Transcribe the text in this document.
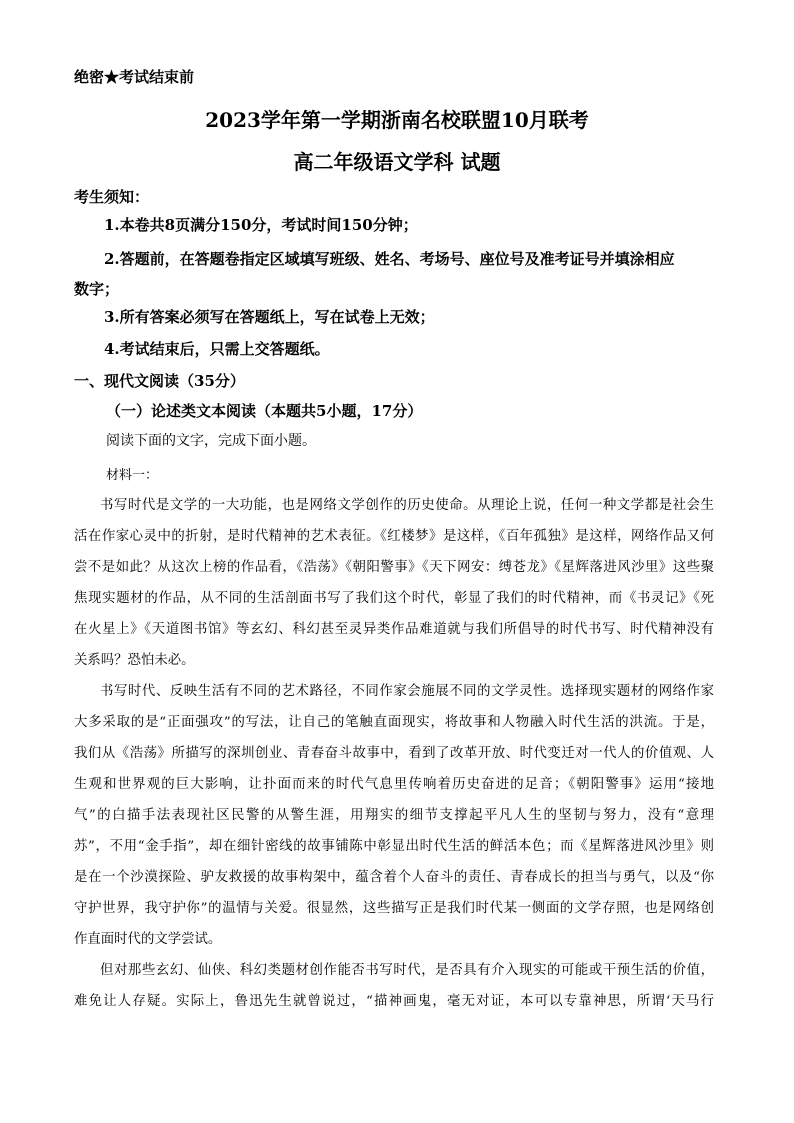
绝密★考试结束前
2023学年第一学期浙南名校联盟10月联考
高二年级语文学科 试题
考生须知：
1.本卷共8页满分150分，考试时间150分钟；
2.答题前，在答题卷指定区域填写班级、姓名、考场号、座位号及准考证号并填涂相应
数字；
3.所有答案必须写在答题纸上，写在试卷上无效；
4.考试结束后，只需上交答题纸。
一、现代文阅读（35分）
（一）论述类文本阅读（本题共5小题，17分）
阅读下面的文字，完成下面小题。
材料一：
书写时代是文学的一大功能，也是网络文学创作的历史使命。从理论上说，任何一种文学都是社会生
活在作家心灵中的折射，是时代精神的艺术表征。《红楼梦》是这样，《百年孤独》是这样，网络作品又何
尝不是如此？从这次上榜的作品看，《浩荡》《朝阳警事》《天下网安：缚苍龙》《星辉落进风沙里》这些聚
焦现实题材的作品，从不同的生活剖面书写了我们这个时代，彰显了我们的时代精神，而《书灵记》《死
在火星上》《天道图书馆》等玄幻、科幻甚至灵异类作品难道就与我们所倡导的时代书写、时代精神没有
关系吗？恐怕未必。
书写时代、反映生活有不同的艺术路径，不同作家会施展不同的文学灵性。选择现实题材的网络作家
大多采取的是“正面强攻”的写法，让自己的笔触直面现实，将故事和人物融入时代生活的洪流。于是，
我们从《浩荡》所描写的深圳创业、青春奋斗故事中，看到了改革开放、时代变迁对一代人的价值观、人
生观和世界观的巨大影响，让扑面而来的时代气息里传响着历史奋进的足音；《朝阳警事》运用“接地
气”的白描手法表现社区民警的从警生涯，用翔实的细节支撑起平凡人生的坚韧与努力，没有“意理
苏”，不用“金手指”，却在细针密线的故事铺陈中彰显出时代生活的鲜活本色；而《星辉落进风沙里》则
是在一个沙漠探险、驴友救援的故事构架中，蕴含着个人奋斗的责任、青春成长的担当与勇气，以及“你
守护世界，我守护你”的温情与关爱。很显然，这些描写正是我们时代某一侧面的文学存照，也是网络创
作直面时代的文学尝试。
但对那些玄幻、仙侠、科幻类题材创作能否书写时代，是否具有介入现实的可能或干预生活的价值，
难免让人存疑。实际上，鲁迅先生就曾说过，“描神画鬼，毫无对证，本可以专靠神思，所谓‘天马行
